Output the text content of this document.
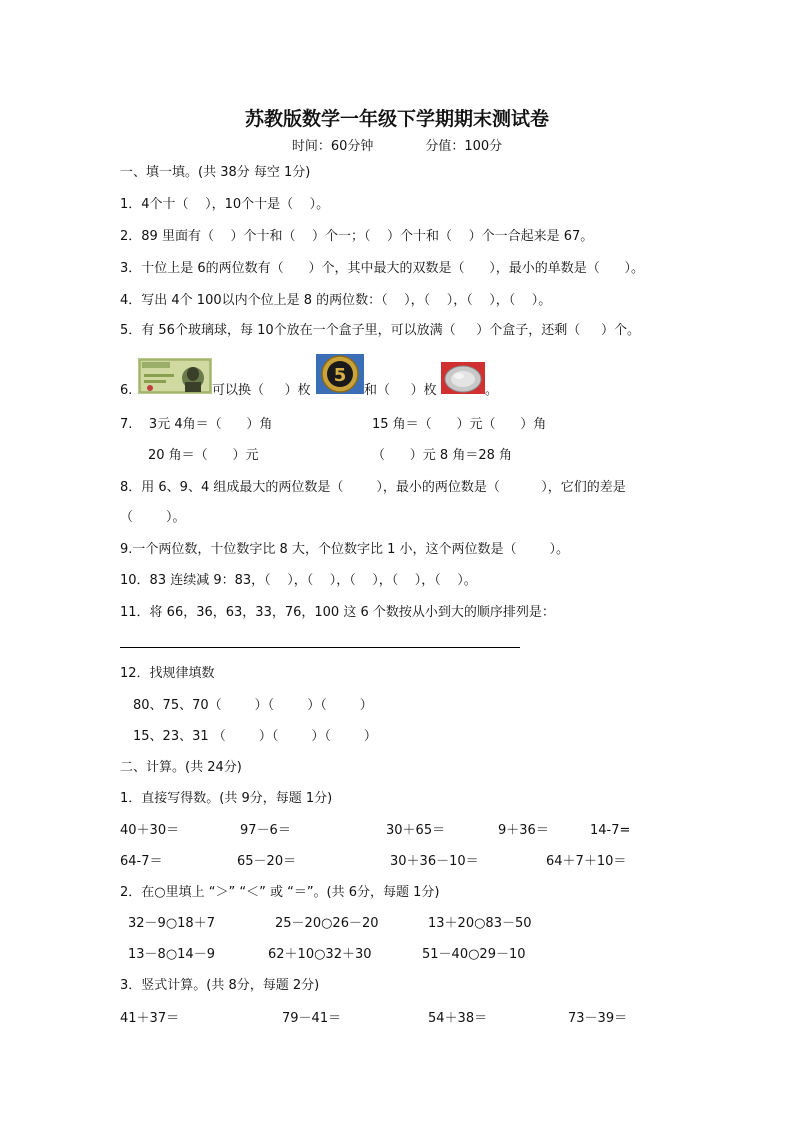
苏教版数学一年级下学期期末测试卷
时间：60分钟	分值：100分
一、填一填。(共 38分 每空 1分)
1．4个十（    ），10个十是（    ）。
2．89 里面有（    ）个十和（    ）个一；（    ）个十和（    ）个一合起来是 67。
3．十位上是 6的两位数有（      ）个，其中最大的双数是（      ），最小的单数是（      ）。
4．写出 4个 100以内个位上是 8 的两位数：（    ），（    ），（    ），（    ）。
5．有 56个玻璃球，每 10个放在一个盒子里，可以放满（     ）个盒子，还剩（     ）个。
6.	可以换（     ）枚
5
和（     ）枚	。
7.    3元 4角＝（      ）角	15 角＝（      ）元（      ）角
20 角＝（      ）元	（      ）元 8 角＝28 角
8．用 6、9、4 组成最大的两位数是（        ），最小的两位数是（          ），它们的差是
（        ）。
9.一个两位数，十位数字比 8 大，个位数字比 1 小，这个两位数是（        ）。
10．83 连续减 9：83，（    ），（    ），（    ），（    ），（    ）。
11．将 66，36，63，33，76，100 这 6 个数按从小到大的顺序排列是：
12．找规律填数
80、75、70（        ）（        ）（        ）
15、23、31 （        ）（        ）（        ）
二、计算。(共 24分)
1．直接写得数。(共 9分，每题 1分)
40＋30＝	97－6＝	30＋65＝	9＋36＝	14-7=
64-7＝	65－20＝	30＋36－10＝	64＋7＋10＝
2．在○里填上 “＞” “＜” 或 “＝”。(共 6分，每题 1分)
32－9○18＋7	25－20○26－20	13＋20○83－50
13－8○14－9	62＋10○32＋30	51－40○29－10
3．竖式计算。(共 8分，每题 2分)
41＋37＝	79－41＝	54＋38＝	73－39＝
